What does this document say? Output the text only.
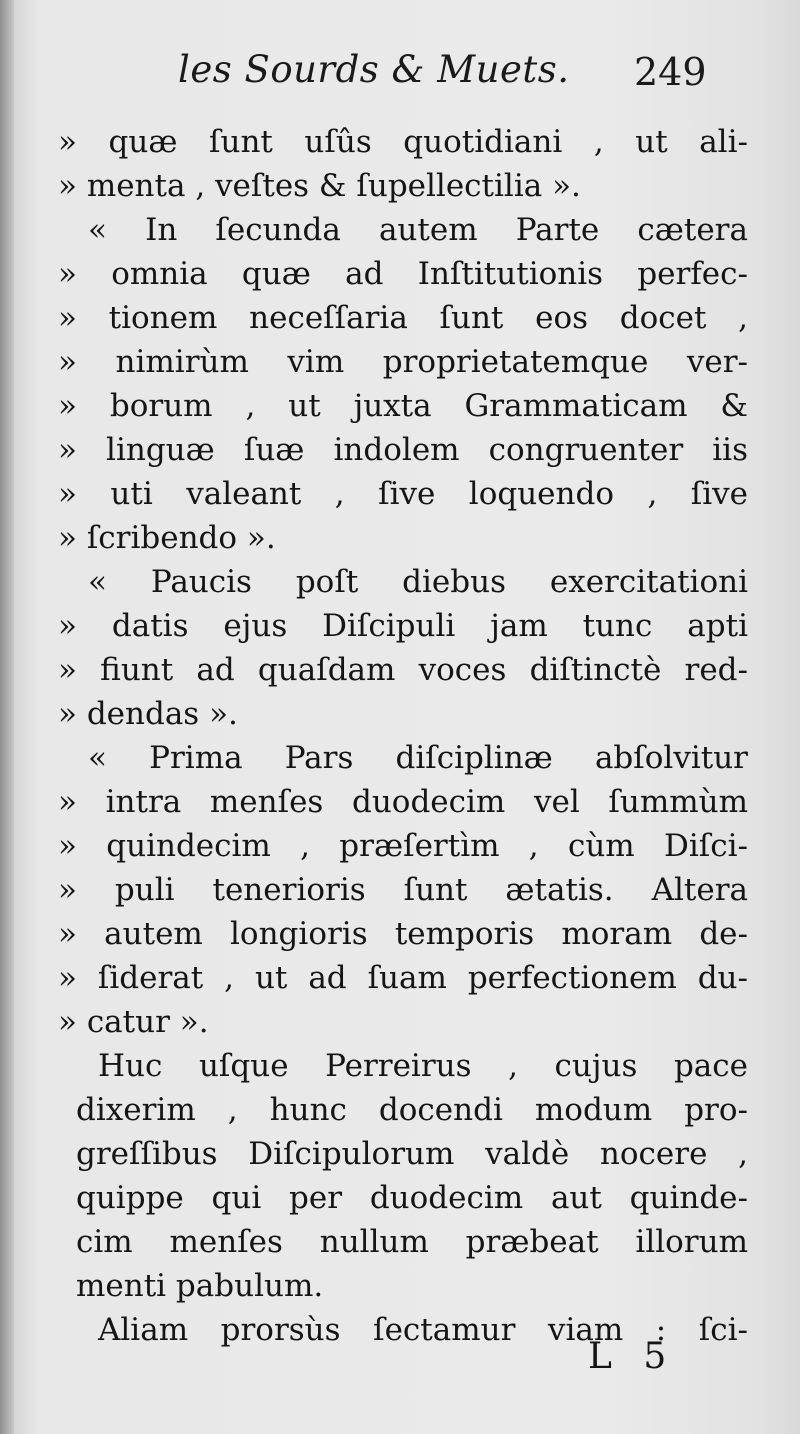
les Sourds & Muets. 249
» quæ ſunt uſûs quotidiani , ut ali-
» menta , veſtes & ſupellectilia ».
« In ſecunda autem Parte cætera
» omnia quæ ad Inſtitutionis perfec-
» tionem neceſſaria ſunt eos docet ,
» nimirùm vim proprietatemque ver-
» borum , ut juxta Grammaticam &
» linguæ ſuæ indolem congruenter iis
» uti valeant , ſive loquendo , ſive
» ſcribendo ».
« Paucis poſt diebus exercitationi
» datis ejus Diſcipuli jam tunc apti
» fiunt ad quaſdam voces diſtinctè red-
» dendas ».
« Prima Pars diſciplinæ abſolvitur
» intra menſes duodecim vel ſummùm
» quindecim , præſertìm , cùm Diſci-
» puli tenerioris ſunt ætatis. Altera
» autem longioris temporis moram de-
» ſiderat , ut ad ſuam perfectionem du-
» catur ».
Huc uſque Perreirus , cujus pace
dixerim , hunc docendi modum pro-
greſſibus Diſcipulorum valdè nocere ,
quippe qui per duodecim aut quinde-
cim menſes nullum præbeat illorum
menti pabulum.
Aliam prorsùs ſectamur viam : ſci-
L 5
